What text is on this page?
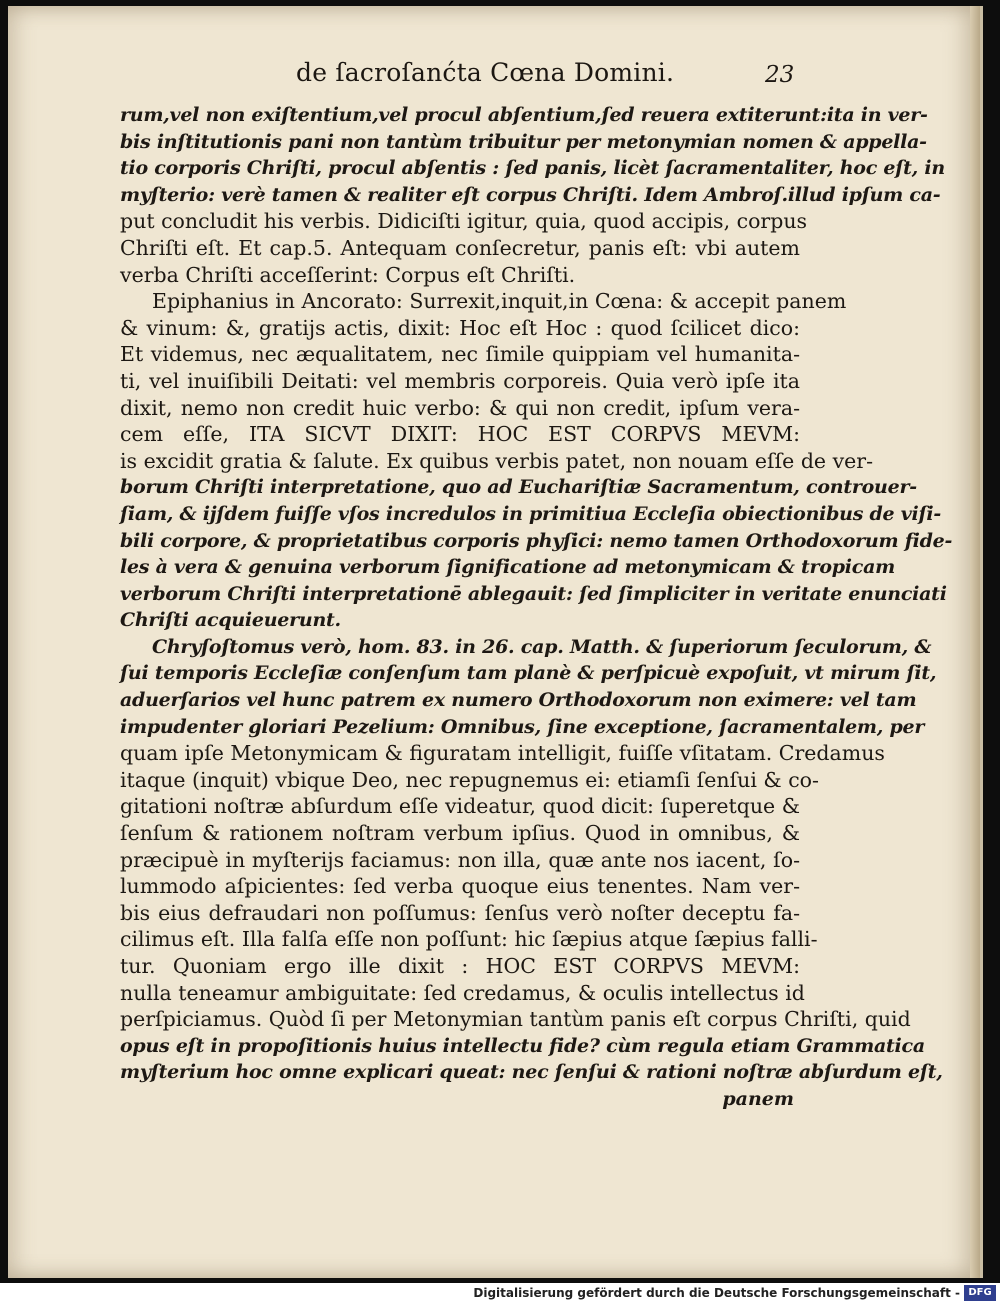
de ſacroſanćta Cœna Domini.	23
rum,vel non exiſtentium,vel procul abſentium,ſed reuera extiterunt:ita in ver-
bis inſtitutionis pani non tantùm tribuitur per metonymian nomen & appella-
tio corporis Chriſti, procul abſentis : ſed panis, licèt ſacramentaliter, hoc eſt, in
myſterio: verè tamen & realiter eſt corpus Chriſti. Idem Ambroſ.illud ipſum ca-
put concludit his verbis. Didiciſti igitur, quia, quod accipis, corpus
Chriſti eſt. Et cap.5. Antequam conſecretur, panis eſt: vbi autem
verba Chriſti acceſſerint: Corpus eſt Chriſti.
Epiphanius in Ancorato: Surrexit,inquit,in Cœna: & accepit panem
& vinum: &, gratijs actis, dixit: Hoc eſt Hoc : quod ſcilicet dico:
Et videmus, nec æqualitatem, nec ſimile quippiam vel humanita-
ti, vel inuiſibili Deitati: vel membris corporeis. Quia verò ipſe ita
dixit, nemo non credit huic verbo: & qui non credit, ipſum vera-
cem eſſe, ITA SICVT DIXIT: HOC EST CORPVS MEVM:
is excidit gratia & ſalute. Ex quibus verbis patet, non nouam eſſe de ver-
borum Chriſti interpretatione, quo ad Euchariſtiæ Sacramentum, controuer-
ſiam, & ijſdem fuiſſe vſos incredulos in primitiua Eccleſia obiectionibus de viſi-
bili corpore, & proprietatibus corporis phyſici: nemo tamen Orthodoxorum fide-
les à vera & genuina verborum ſignificatione ad metonymicam & tropicam
verborum Chriſti interpretationē ablegauit: ſed ſimpliciter in veritate enunciati
Chriſti acquieuerunt.
Chryſoſtomus verò, hom. 83. in 26. cap. Matth. & ſuperiorum ſeculorum, &
ſui temporis Eccleſiæ conſenſum tam planè & perſpicuè expoſuit, vt mirum ſit,
aduerſarios vel hunc patrem ex numero Orthodoxorum non eximere: vel tam
impudenter gloriari Pezelium: Omnibus, ſine exceptione, ſacramentalem, per
quam ipſe Metonymicam & figuratam intelligit, fuiſſe vſitatam. Credamus
itaque (inquit) vbique Deo, nec repugnemus ei: etiamſi ſenſui & co-
gitationi noſtræ abſurdum eſſe videatur, quod dicit: ſuperetque &
ſenſum & rationem noſtram verbum ipſius. Quod in omnibus, &
præcipuè in myſterijs faciamus: non illa, quæ ante nos iacent, ſo-
lummodo aſpicientes: ſed verba quoque eius tenentes. Nam ver-
bis eius defraudari non poſſumus: ſenſus verò noſter deceptu fa-
cilimus eſt. Illa falſa eſſe non poſſunt: hic ſæpius atque ſæpius falli-
tur. Quoniam ergo ille dixit : HOC EST CORPVS MEVM:
nulla teneamur ambiguitate: ſed credamus, & oculis intellectus id
perſpiciamus. Quòd ſi per Metonymian tantùm panis eſt corpus Chriſti, quid
opus eſt in propoſitionis huius intellectu fide? cùm regula etiam Grammatica
myſterium hoc omne explicari queat: nec ſenſui & rationi noſtræ abſurdum eſt,
panem
Digitalisierung gefördert durch die Deutsche Forschungsgemeinschaft - DFG
